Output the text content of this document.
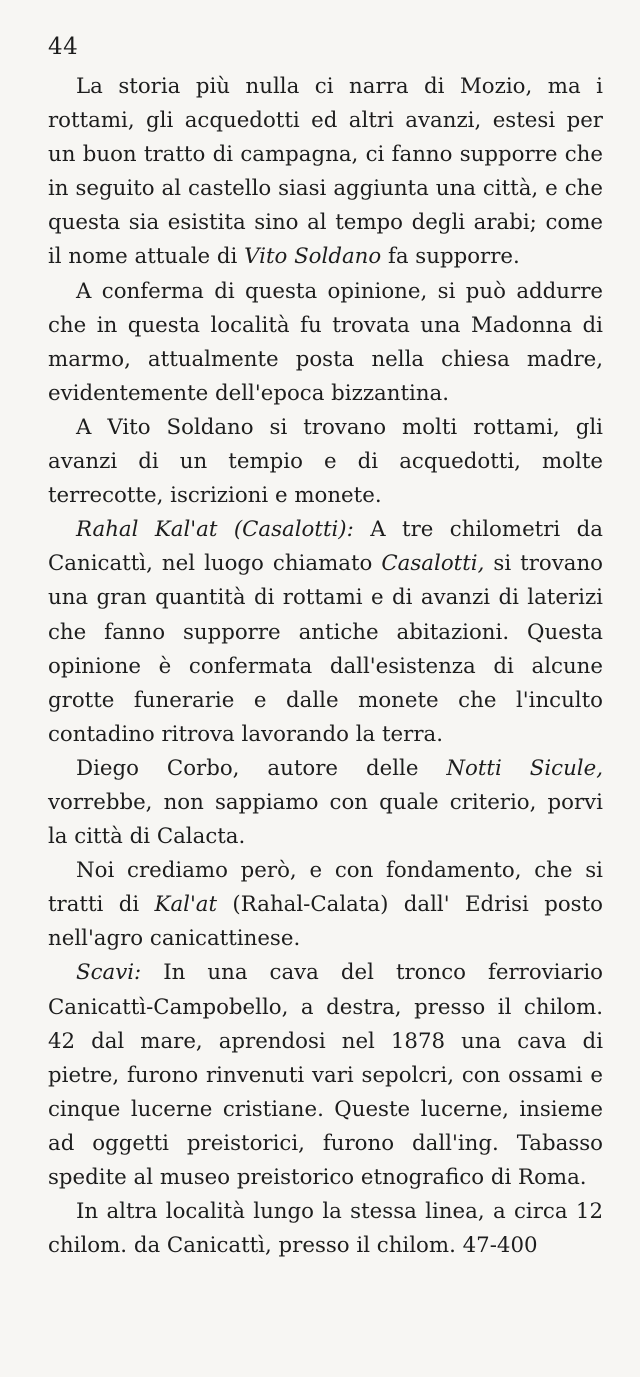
44

La storia più nulla ci narra di Mozio, ma i rottami, gli acquedotti ed altri avanzi, estesi per un buon tratto di campagna, ci fanno supporre che in seguito al castello siasi aggiunta una città, e che questa sia esistita sino al tempo degli arabi; come il nome attuale di Vito Soldano fa supporre.

A conferma di questa opinione, si può addurre che in questa località fu trovata una Madonna di marmo, attualmente posta nella chiesa madre, evidentemente dell'epoca bizzantina.

A Vito Soldano si trovano molti rottami, gli avanzi di un tempio e di acquedotti, molte terrecotte, iscrizioni e monete.

Rahal Kal'at (Casalotti): A tre chilometri da Canicattì, nel luogo chiamato Casalotti, si trovano una gran quantità di rottami e di avanzi di laterizi che fanno supporre antiche abitazioni. Questa opinione è confermata dall'esistenza di alcune grotte funerarie e dalle monete che l'inculto contadino ritrova lavorando la terra.

Diego Corbo, autore delle Notti Sicule, vorrebbe, non sappiamo con quale criterio, porvi la città di Calacta.

Noi crediamo però, e con fondamento, che si tratti di Kal'at (Rahal-Calata) dall' Edrisi posto nell'agro canicattinese.

Scavi: In una cava del tronco ferroviario Canicattì-Campobello, a destra, presso il chilom. 42 dal mare, aprendosi nel 1878 una cava di pietre, furono rinvenuti vari sepolcri, con ossami e cinque lucerne cristiane. Queste lucerne, insieme ad oggetti preistorici, furono dall'ing. Tabasso spedite al museo preistorico etnografico di Roma.

In altra località lungo la stessa linea, a circa 12 chilom. da Canicattì, presso il chilom. 47-400
